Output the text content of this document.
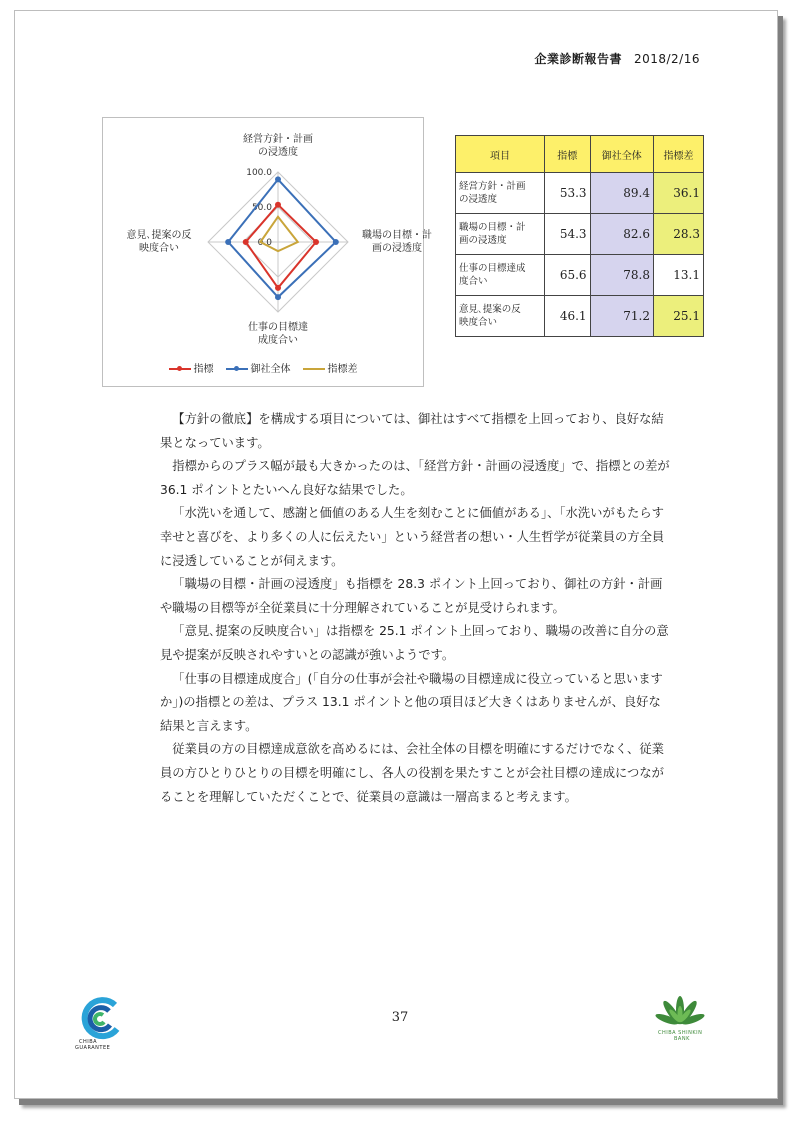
企業診断報告書 2018/2/16
100.0
50.0
0.0
経営方針・計画
の浸透度
職場の目標・計
画の浸透度
仕事の目標達
成度合い
意見､提案の反
映度合い
指標	御社全体	指標差
項目	指標	御社全体	指標差

経営方針・計画
の浸透度	53.3	89.4	36.1

職場の目標・計
画の浸透度	54.3	82.6	28.3

仕事の目標達成
度合い	65.6	78.8	13.1

意見､提案の反
映度合い	46.1	71.2	25.1

【方針の徹底】を構成する項目については、御社はすべて指標を上回っており、良好な結果となっています。

指標からのプラス幅が最も大きかったのは、「経営方針・計画の浸透度」で、指標との差が 36.1 ポイントとたいへん良好な結果でした。

「水洗いを通して、感謝と価値のある人生を刻むことに価値がある」、「水洗いがもたらす幸せと喜びを、より多くの人に伝えたい」という経営者の想い・人生哲学が従業員の方全員に浸透していることが伺えます。

「職場の目標・計画の浸透度」も指標を 28.3 ポイント上回っており、御社の方針・計画や職場の目標等が全従業員に十分理解されていることが見受けられます。

「意見､提案の反映度合い」は指標を 25.1 ポイント上回っており、職場の改善に自分の意見や提案が反映されやすいとの認識が強いようです。

「仕事の目標達成度合」(「自分の仕事が会社や職場の目標達成に役立っていると思いますか」)の指標との差は、プラス 13.1 ポイントと他の項目ほど大きくはありませんが、良好な結果と言えます。

従業員の方の目標達成意欲を高めるには、会社全体の目標を明確にするだけでなく、従業員の方ひとりひとりの目標を明確にし、各人の役割を果たすことが会社目標の達成につながることを理解していただくことで、従業員の意識は一層高まると考えます。

CHIBA
GUARANTEE
37
CHIBA SHINKIN
BANK
